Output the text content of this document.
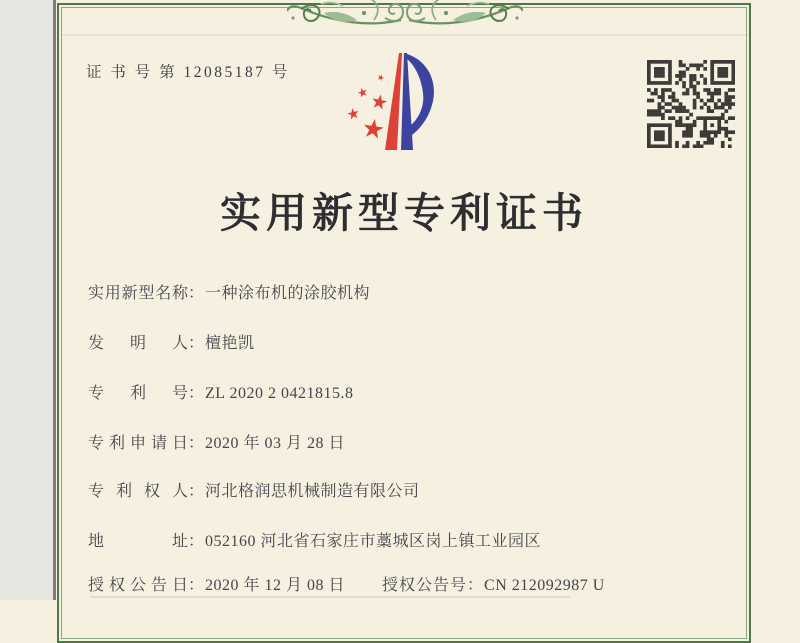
证 书 号 第 12085187 号
实用新型专利证书
实用新型名称：一种涂布机的涂胶机构
发明人：檀艳凯
专利号：ZL 2020 2 0421815.8
专利申请日：2020 年 03 月 28 日
专利权人：河北格润思机械制造有限公司
地址：052160 河北省石家庄市藁城区岗上镇工业园区
授权公告日：2020 年 12 月 08 日 授权公告号：CN 212092987 U
